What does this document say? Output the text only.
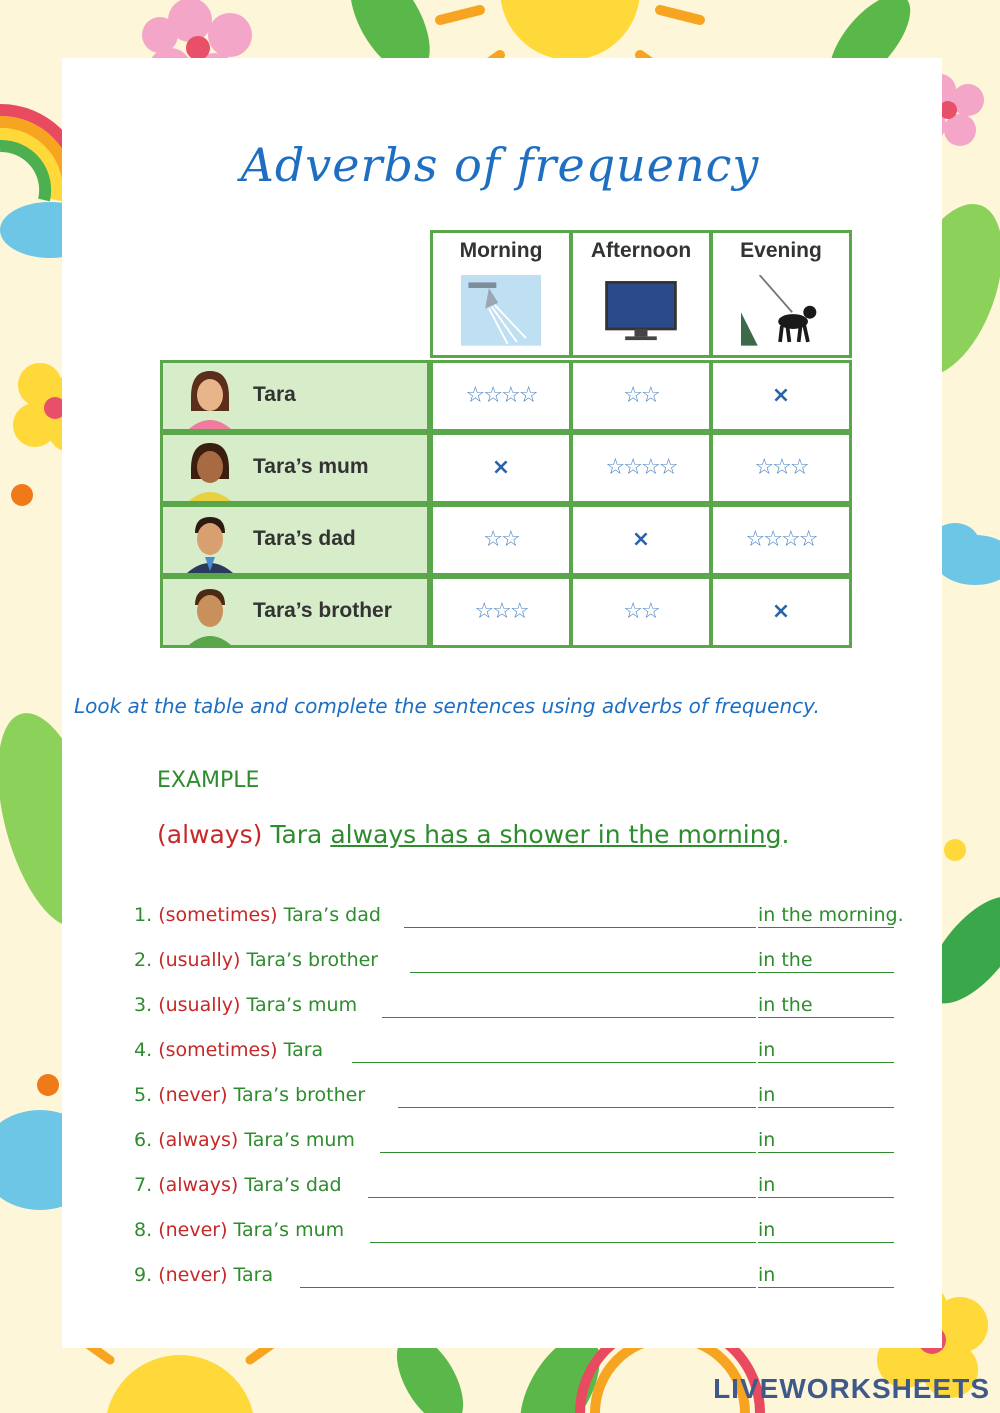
Adverbs of frequency
Morning	Afternoon	Evening
Tara	☆☆☆☆	☆☆	×
Tara’s mum	×	☆☆☆☆	☆☆☆
Tara’s dad	☆☆	×	☆☆☆☆
Tara’s brother	☆☆☆	☆☆	×
Look at the table and complete the sentences using adverbs of frequency.
EXAMPLE
(always) Tara always has a shower in the morning.
1. (sometimes) Tara’s dad	in the morning.
2. (usually) Tara’s brother	in the
3. (usually) Tara’s mum	in the
4. (sometimes) Tara	in
5. (never) Tara’s brother	in
6. (always) Tara’s mum	in
7. (always) Tara’s dad	in
8. (never) Tara’s mum	in
9. (never) Tara	in
LIVEWORKSHEETS
